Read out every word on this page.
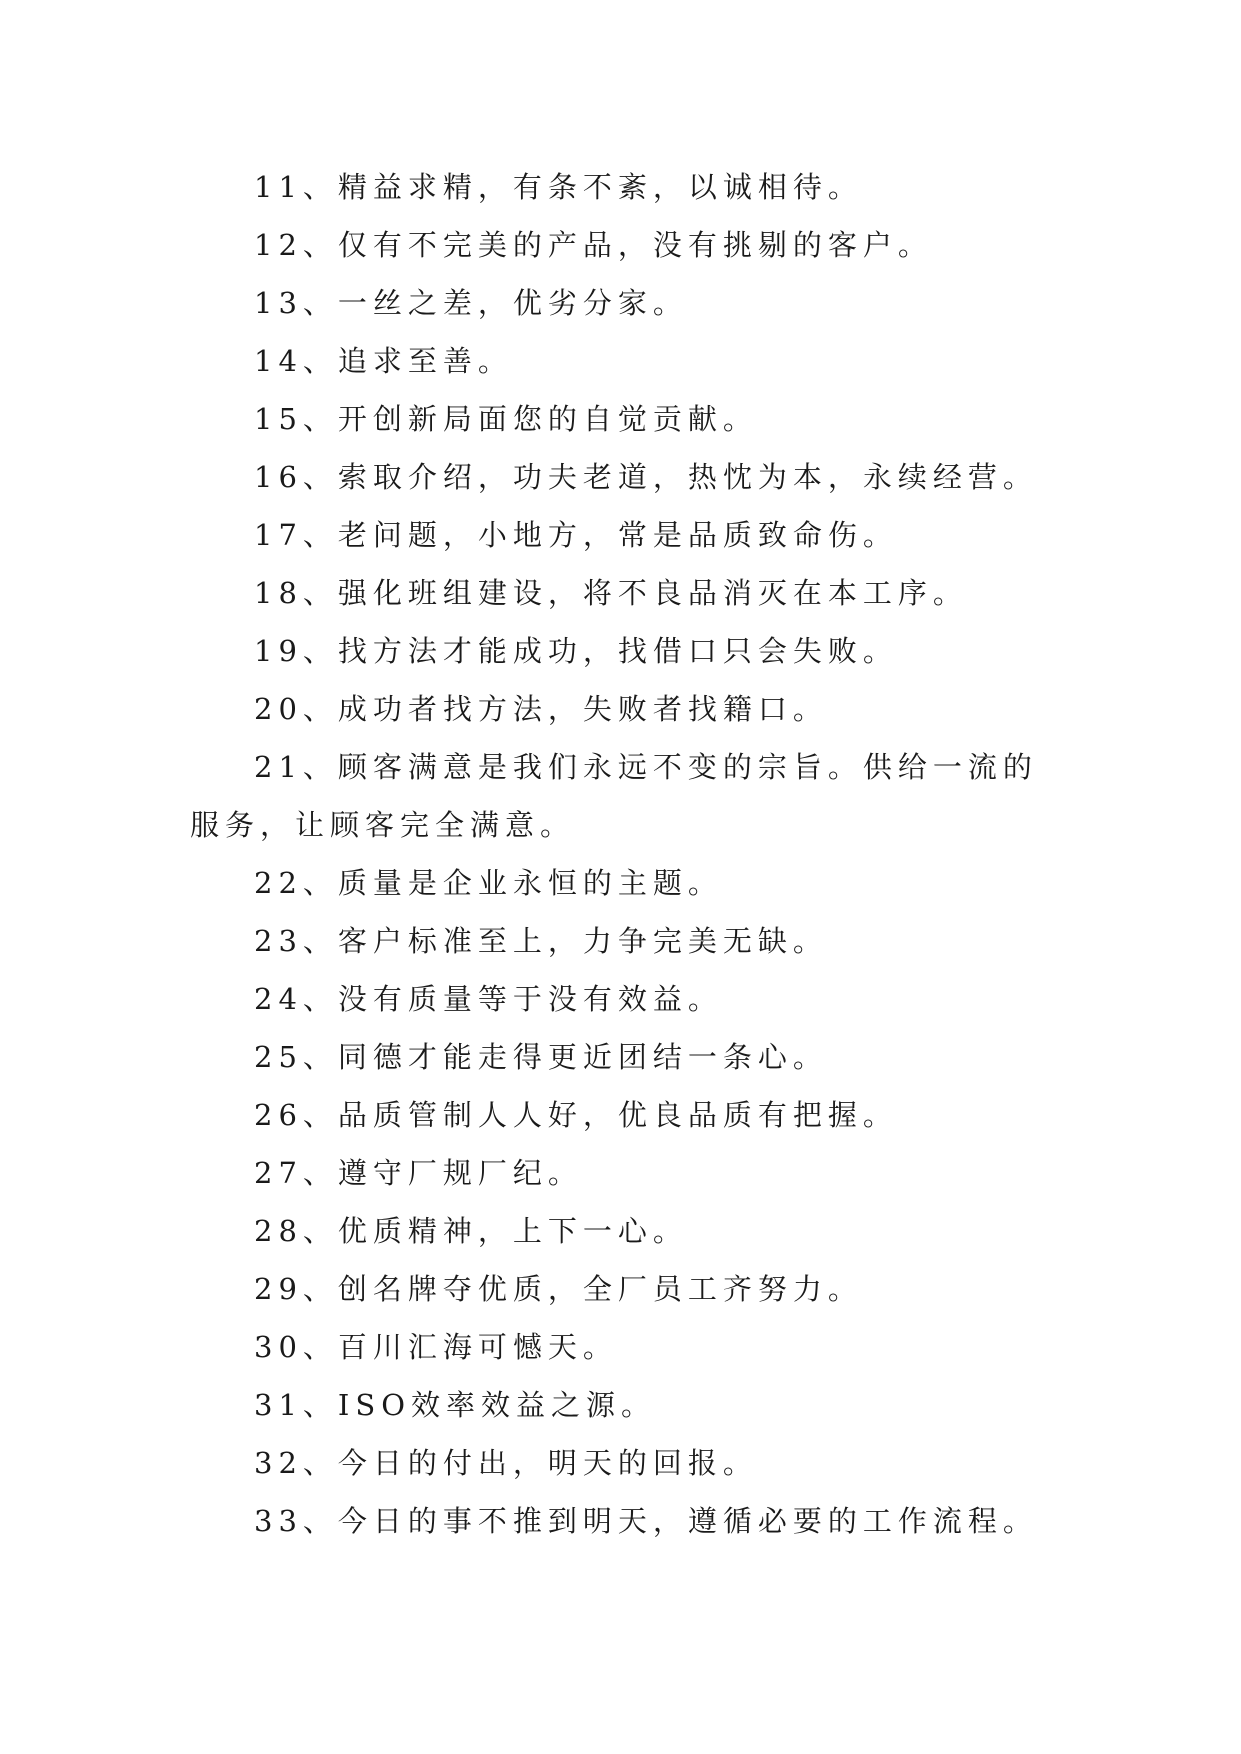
11、精益求精，有条不紊，以诚相待。

12、仅有不完美的产品，没有挑剔的客户。

13、一丝之差，优劣分家。

14、追求至善。

15、开创新局面您的自觉贡献。

16、索取介绍，功夫老道，热忱为本，永续经营。

17、老问题，小地方，常是品质致命伤。

18、强化班组建设，将不良品消灭在本工序。

19、找方法才能成功，找借口只会失败。

20、成功者找方法，失败者找籍口。

21、顾客满意是我们永远不变的宗旨。供给一流的服务，让顾客完全满意。

22、质量是企业永恒的主题。

23、客户标准至上，力争完美无缺。

24、没有质量等于没有效益。

25、同德才能走得更近团结一条心。

26、品质管制人人好，优良品质有把握。

27、遵守厂规厂纪。

28、优质精神，上下一心。

29、创名牌夺优质，全厂员工齐努力。

30、百川汇海可憾天。

31、ISO效率效益之源。

32、今日的付出，明天的回报。

33、今日的事不推到明天，遵循必要的工作流程。
